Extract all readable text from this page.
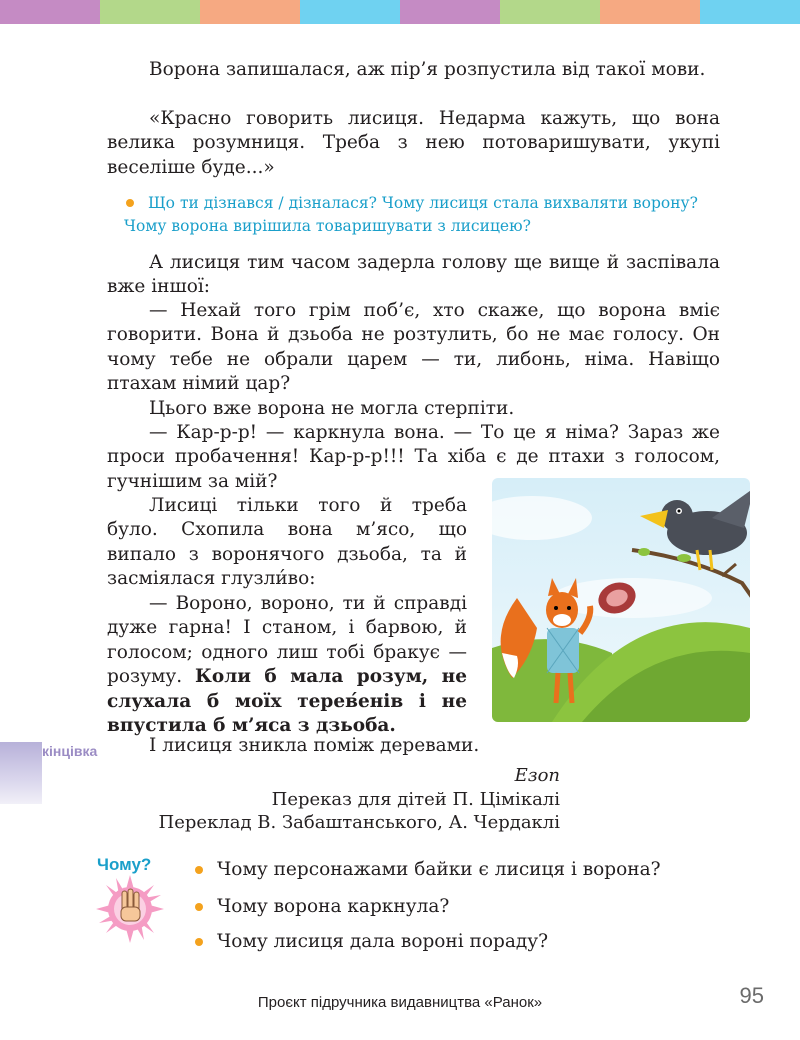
Ворона запишалася, аж пір’я розпустила від такої мови.

«Красно говорить лисиця. Недарма кажуть, що вона велика розумниця. Треба з нею потоваришувати, укупі веселіше буде...»

Що ти дізнався / дізналася? Чому лисиця стала вихваляти ворону? Чому ворона вирішила товаришувати з лисицею?

А лисиця тим часом задерла голову ще вище й заспівала вже іншої:

— Нехай того грім поб’є, хто скаже, що ворона вміє говорити. Вона й дзьоба не розтулить, бо не має голосу. Он чому тебе не обрали царем — ти, либонь, німа. Навіщо птахам німий цар?

Цього вже ворона не могла стерпіти.

— Кар-р-р! — каркнула вона. — То це я німа? Зараз же проси пробачення! Кар-р-р!!! Та хіба є де птахи з голосом, гучнішим за мій?

Лисиці тільки того й треба було. Схопила вона м’ясо, що випало з воронячого дзьоба, та й засміялася глузли́во:

— Вороно, вороно, ти й справді дуже гарна! І станом, і барвою, й голосом; одного лиш тобі бракує — розуму. Коли б мала розум, не слухала б моїх терев́енів і не впустила б м’яса з дзьоба.

І лисиця зникла поміж деревами.

кінцівка

Езоп

Переказ для дітей П. Цімікалі

Переклад В. Забаштанського, А. Чердаклі

Чому?	Чому персонажами байки є лисиця і ворона?

Чому ворона каркнула?

Чому лисиця дала вороні пораду?

Проєкт підручника видавництва «Ранок»	95
